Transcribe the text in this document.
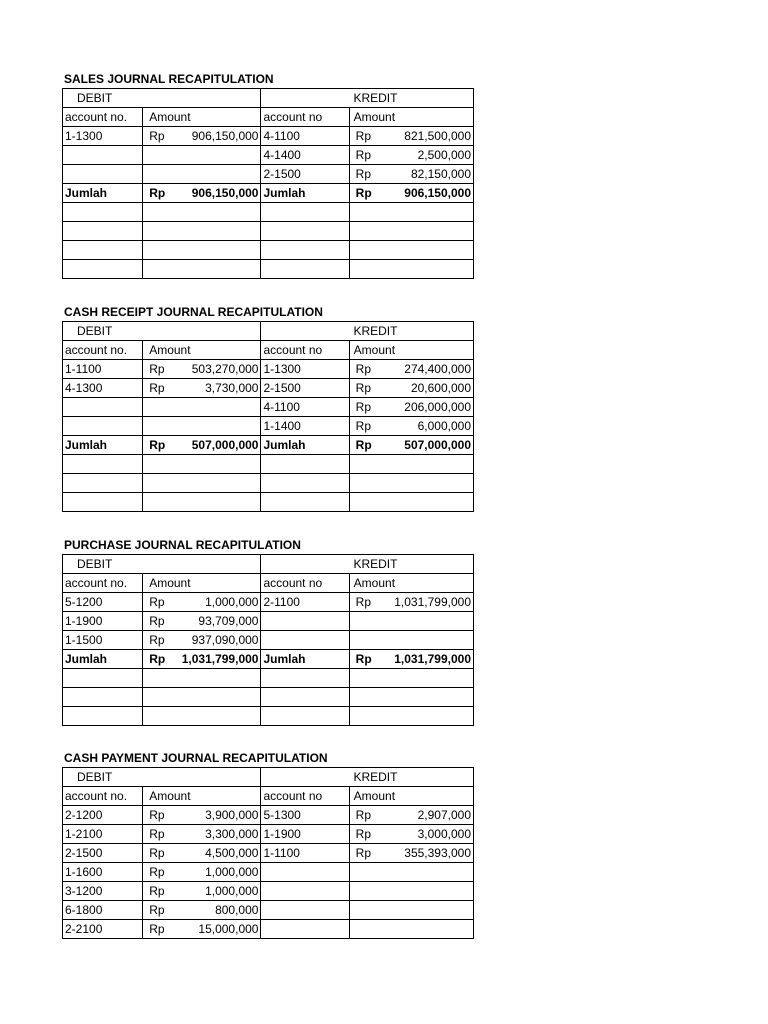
SALES JOURNAL RECAPITULATION
DEBIT		KREDIT	
account no.	Amount	account no	Amount
1-1300	Rp 906,150,000	4-1100	Rp 821,500,000

	4-1400	Rp 2,500,000

	2-1500	Rp 82,150,000

Jumlah	Rp 906,150,000	Jumlah	Rp 906,150,000

CASH RECEIPT JOURNAL RECAPITULATION
DEBIT		KREDIT	
account no.	Amount	account no	Amount
1-1100	Rp 503,270,000	1-1300	Rp 274,400,000

4-1300	Rp 3,730,000	2-1500	Rp 20,600,000

	4-1100	Rp 206,000,000

	1-1400	Rp 6,000,000

Jumlah	Rp 507,000,000	Jumlah	Rp 507,000,000

PURCHASE JOURNAL RECAPITULATION
DEBIT		KREDIT	
account no.	Amount	account no	Amount
5-1200	Rp 1,000,000	2-1100	Rp 1,031,799,000

1-1900	Rp 93,709,000		

1-1500	Rp 937,090,000		

Jumlah	Rp 1,031,799,000	Jumlah	Rp 1,031,799,000

CASH PAYMENT JOURNAL RECAPITULATION
DEBIT		KREDIT	
account no.	Amount	account no	Amount
2-1200	Rp 3,900,000	5-1300	Rp 2,907,000

1-2100	Rp 3,300,000	1-1900	Rp 3,000,000

2-1500	Rp 4,500,000	1-1100	Rp 355,393,000

1-1600	Rp 1,000,000		

3-1200	Rp 1,000,000		

6-1800	Rp 800,000		

2-2100	Rp 15,000,000		
